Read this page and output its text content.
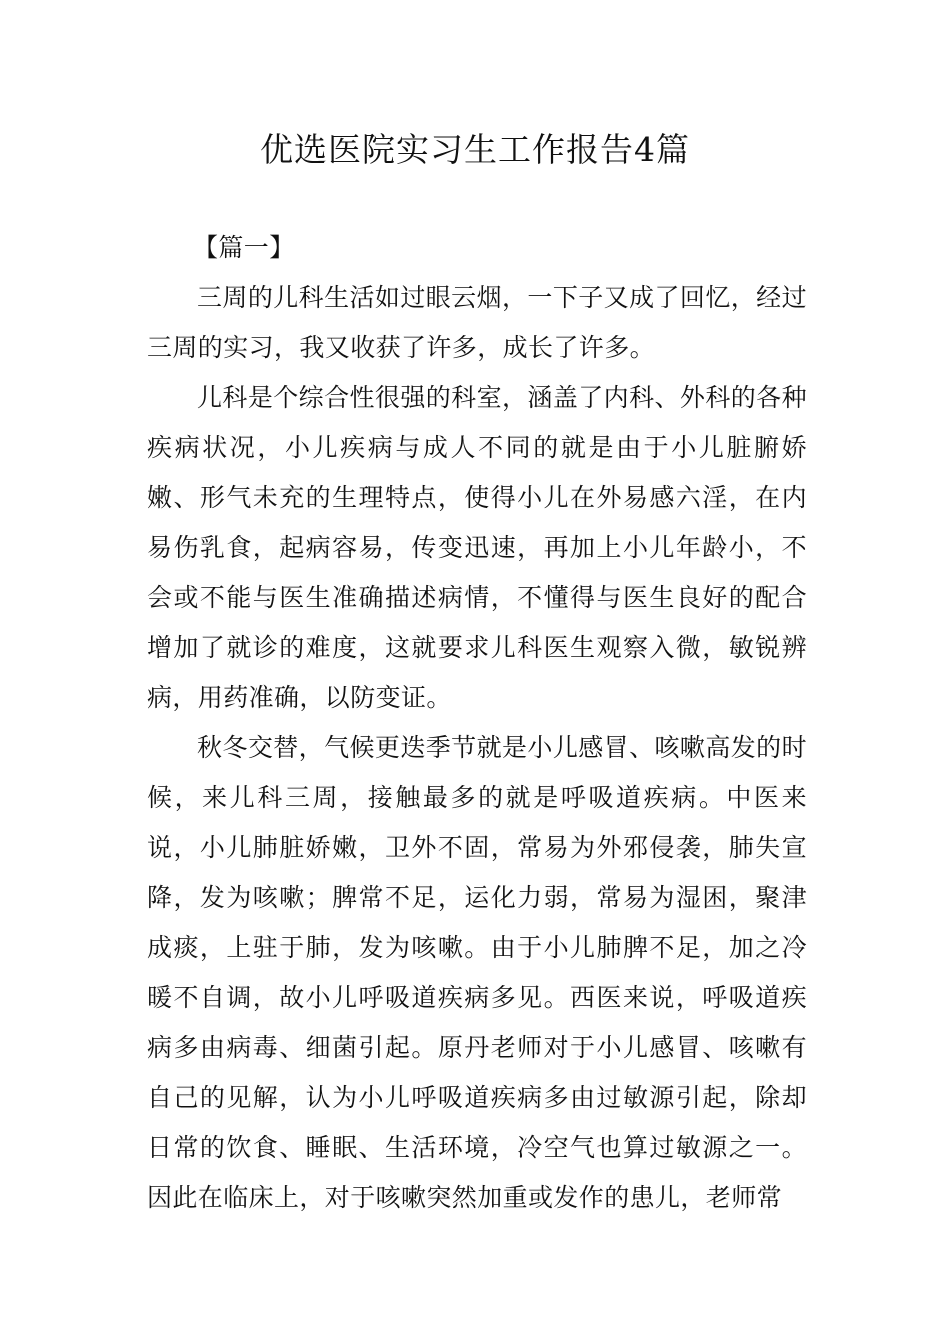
优选医院实习生工作报告4篇

【篇一】

三周的儿科生活如过眼云烟，一下子又成了回忆，经过三周的实习，我又收获了许多，成长了许多。

儿科是个综合性很强的科室，涵盖了内科、外科的各种疾病状况，小儿疾病与成人不同的就是由于小儿脏腑娇嫩、形气未充的生理特点，使得小儿在外易感六淫，在内易伤乳食，起病容易，传变迅速，再加上小儿年龄小，不会或不能与医生准确描述病情，不懂得与医生良好的配合增加了就诊的难度，这就要求儿科医生观察入微，敏锐辨病，用药准确，以防变证。

秋冬交替，气候更迭季节就是小儿感冒、咳嗽高发的时候，来儿科三周，接触最多的就是呼吸道疾病。中医来说，小儿肺脏娇嫩，卫外不固，常易为外邪侵袭，肺失宣降，发为咳嗽；脾常不足，运化力弱，常易为湿困，聚津成痰，上驻于肺，发为咳嗽。由于小儿肺脾不足，加之冷暖不自调，故小儿呼吸道疾病多见。西医来说，呼吸道疾病多由病毒、细菌引起。原丹老师对于小儿感冒、咳嗽有自己的见解，认为小儿呼吸道疾病多由过敏源引起，除却日常的饮食、睡眠、生活环境，冷空气也算过敏源之一。因此在临床上，对于咳嗽突然加重或发作的患儿，老师常
